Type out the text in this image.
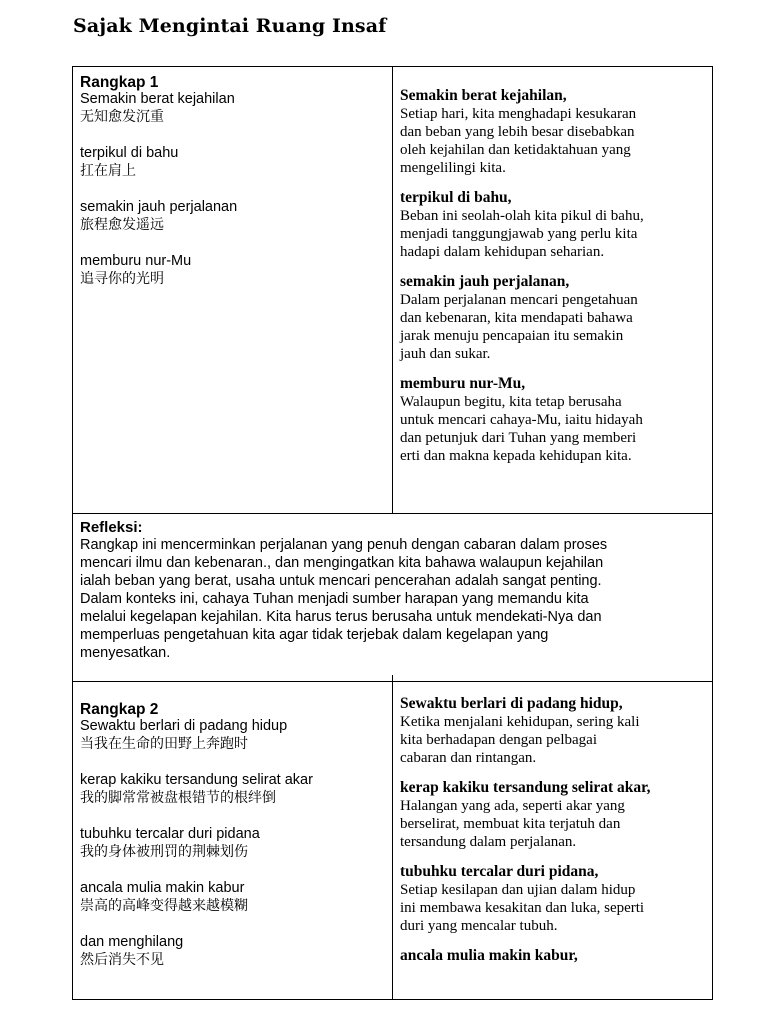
Sajak Mengintai Ruang Insaf
Rangkap 1
Semakin berat kejahilan
无知愈发沉重
terpikul di bahu
扛在肩上
semakin jauh perjalanan
旅程愈发遥远
memburu nur-Mu
追寻你的光明
Semakin berat kejahilan,
Setiap hari, kita menghadapi kesukaran
dan beban yang lebih besar disebabkan
oleh kejahilan dan ketidaktahuan yang
mengelilingi kita.
terpikul di bahu,
Beban ini seolah-olah kita pikul di bahu,
menjadi tanggungjawab yang perlu kita
hadapi dalam kehidupan seharian.
semakin jauh perjalanan,
Dalam perjalanan mencari pengetahuan
dan kebenaran, kita mendapati bahawa
jarak menuju pencapaian itu semakin
jauh dan sukar.
memburu nur-Mu,
Walaupun begitu, kita tetap berusaha
untuk mencari cahaya-Mu, iaitu hidayah
dan petunjuk dari Tuhan yang memberi
erti dan makna kepada kehidupan kita.
Refleksi:
Rangkap ini mencerminkan perjalanan yang penuh dengan cabaran dalam proses
mencari ilmu dan kebenaran., dan mengingatkan kita bahawa walaupun kejahilan
ialah beban yang berat, usaha untuk mencari pencerahan adalah sangat penting.
Dalam konteks ini, cahaya Tuhan menjadi sumber harapan yang memandu kita
melalui kegelapan kejahilan. Kita harus terus berusaha untuk mendekati-Nya dan
memperluas pengetahuan kita agar tidak terjebak dalam kegelapan yang
menyesatkan.
Rangkap 2
Sewaktu berlari di padang hidup
当我在生命的田野上奔跑时
kerap kakiku tersandung selirat akar
我的脚常常被盘根错节的根绊倒
tubuhku tercalar duri pidana
我的身体被刑罚的荆棘划伤
ancala mulia makin kabur
崇高的高峰变得越来越模糊
dan menghilang
然后消失不见
Sewaktu berlari di padang hidup,
Ketika menjalani kehidupan, sering kali
kita berhadapan dengan pelbagai
cabaran dan rintangan.
kerap kakiku tersandung selirat akar,
Halangan yang ada, seperti akar yang
berselirat, membuat kita terjatuh dan
tersandung dalam perjalanan.
tubuhku tercalar duri pidana,
Setiap kesilapan dan ujian dalam hidup
ini membawa kesakitan dan luka, seperti
duri yang mencalar tubuh.
ancala mulia makin kabur,
